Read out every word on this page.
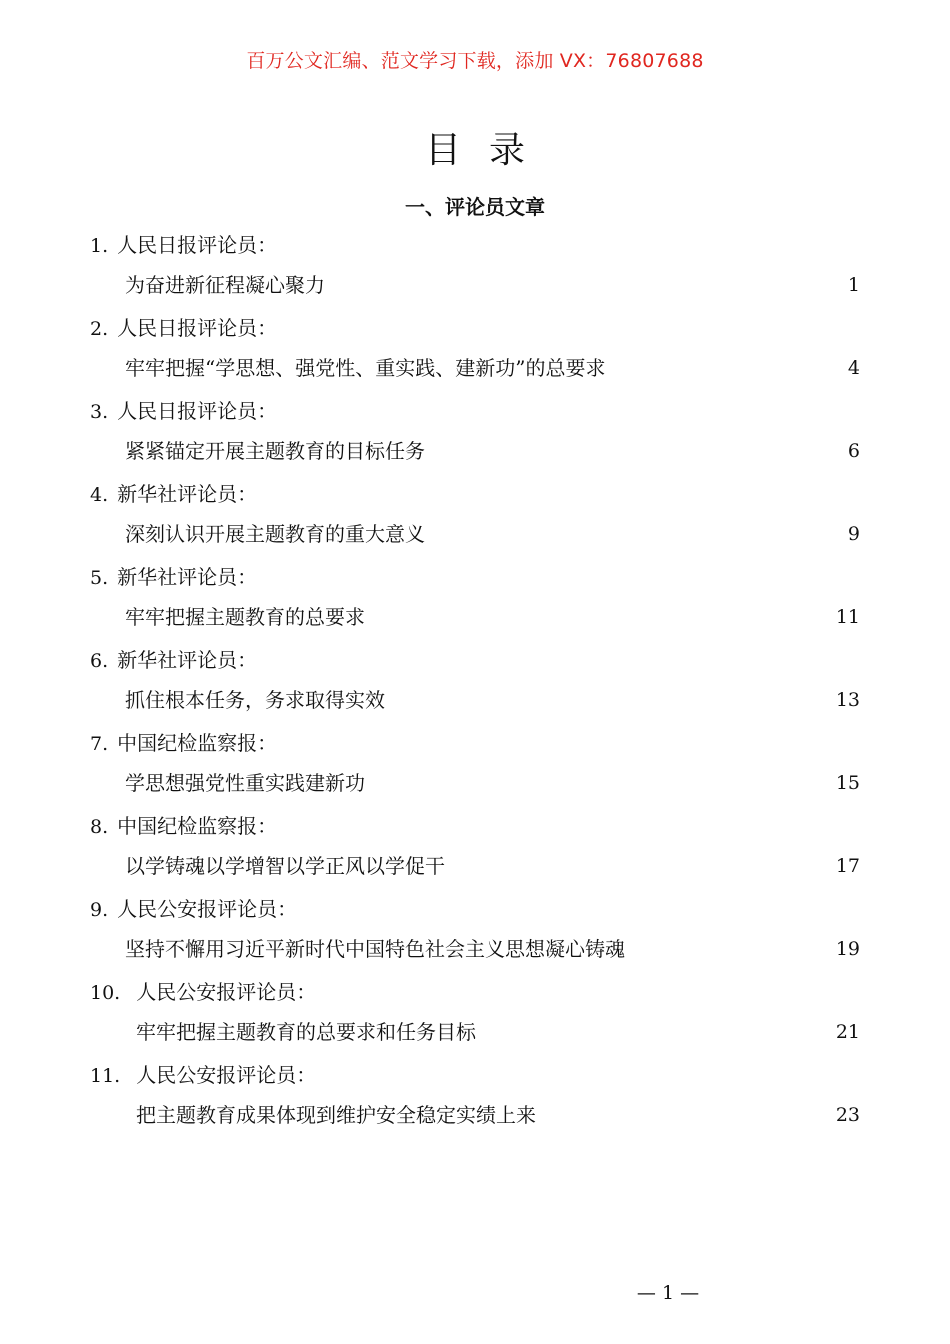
百万公文汇编、范文学习下载，添加 VX：76807688
目录
一、评论员文章
1. 人民日报评论员：
为奋进新征程凝心聚力	1
2. 人民日报评论员：
牢牢把握“学思想、强党性、重实践、建新功”的总要求	4
3. 人民日报评论员：
紧紧锚定开展主题教育的目标任务	6
4. 新华社评论员：
深刻认识开展主题教育的重大意义	9
5. 新华社评论员：
牢牢把握主题教育的总要求	11
6. 新华社评论员：
抓住根本任务，务求取得实效	13
7. 中国纪检监察报：
学思想强党性重实践建新功	15
8. 中国纪检监察报：
以学铸魂以学增智以学正风以学促干	17
9. 人民公安报评论员：
坚持不懈用习近平新时代中国特色社会主义思想凝心铸魂	19
10. 人民公安报评论员：
牢牢把握主题教育的总要求和任务目标	21
11. 人民公安报评论员：
把主题教育成果体现到维护安全稳定实绩上来	23
— 1 —
